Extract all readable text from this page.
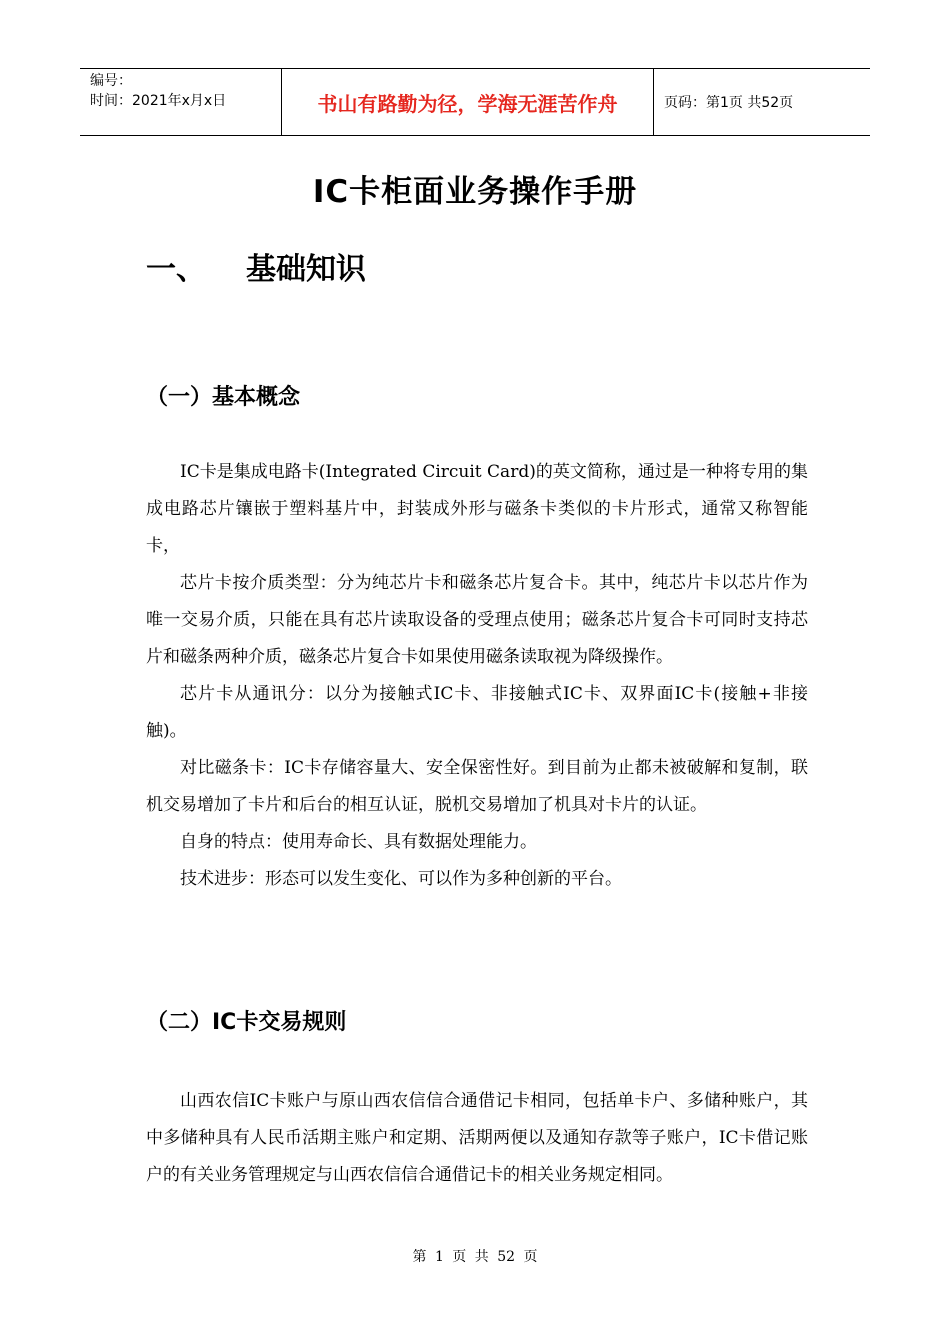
编号：
时间：2021年x月x日	书山有路勤为径，学海无涯苦作舟	页码：第1页 共52页
IC卡柜面业务操作手册
一、	基础知识
（一）基本概念

IC卡是集成电路卡(Integrated Circuit Card)的英文简称，通过是一种将专用的集成电路芯片镶嵌于塑料基片中，封装成外形与磁条卡类似的卡片形式，通常又称智能卡，

芯片卡按介质类型：分为纯芯片卡和磁条芯片复合卡。其中，纯芯片卡以芯片作为唯一交易介质，只能在具有芯片读取设备的受理点使用；磁条芯片复合卡可同时支持芯片和磁条两种介质，磁条芯片复合卡如果使用磁条读取视为降级操作。

芯片卡从通讯分：以分为接触式IC卡、非接触式IC卡、双界面IC卡(接触+非接触)。

对比磁条卡：IC卡存储容量大、安全保密性好。到目前为止都未被破解和复制，联机交易增加了卡片和后台的相互认证，脱机交易增加了机具对卡片的认证。

自身的特点：使用寿命长、具有数据处理能力。

技术进步：形态可以发生变化、可以作为多种创新的平台。

（二）IC卡交易规则

山西农信IC卡账户与原山西农信信合通借记卡相同，包括单卡户、多储种账户，其中多储种具有人民币活期主账户和定期、活期两便以及通知存款等子账户，IC卡借记账户的有关业务管理规定与山西农信信合通借记卡的相关业务规定相同。

第 1 页 共 52 页
